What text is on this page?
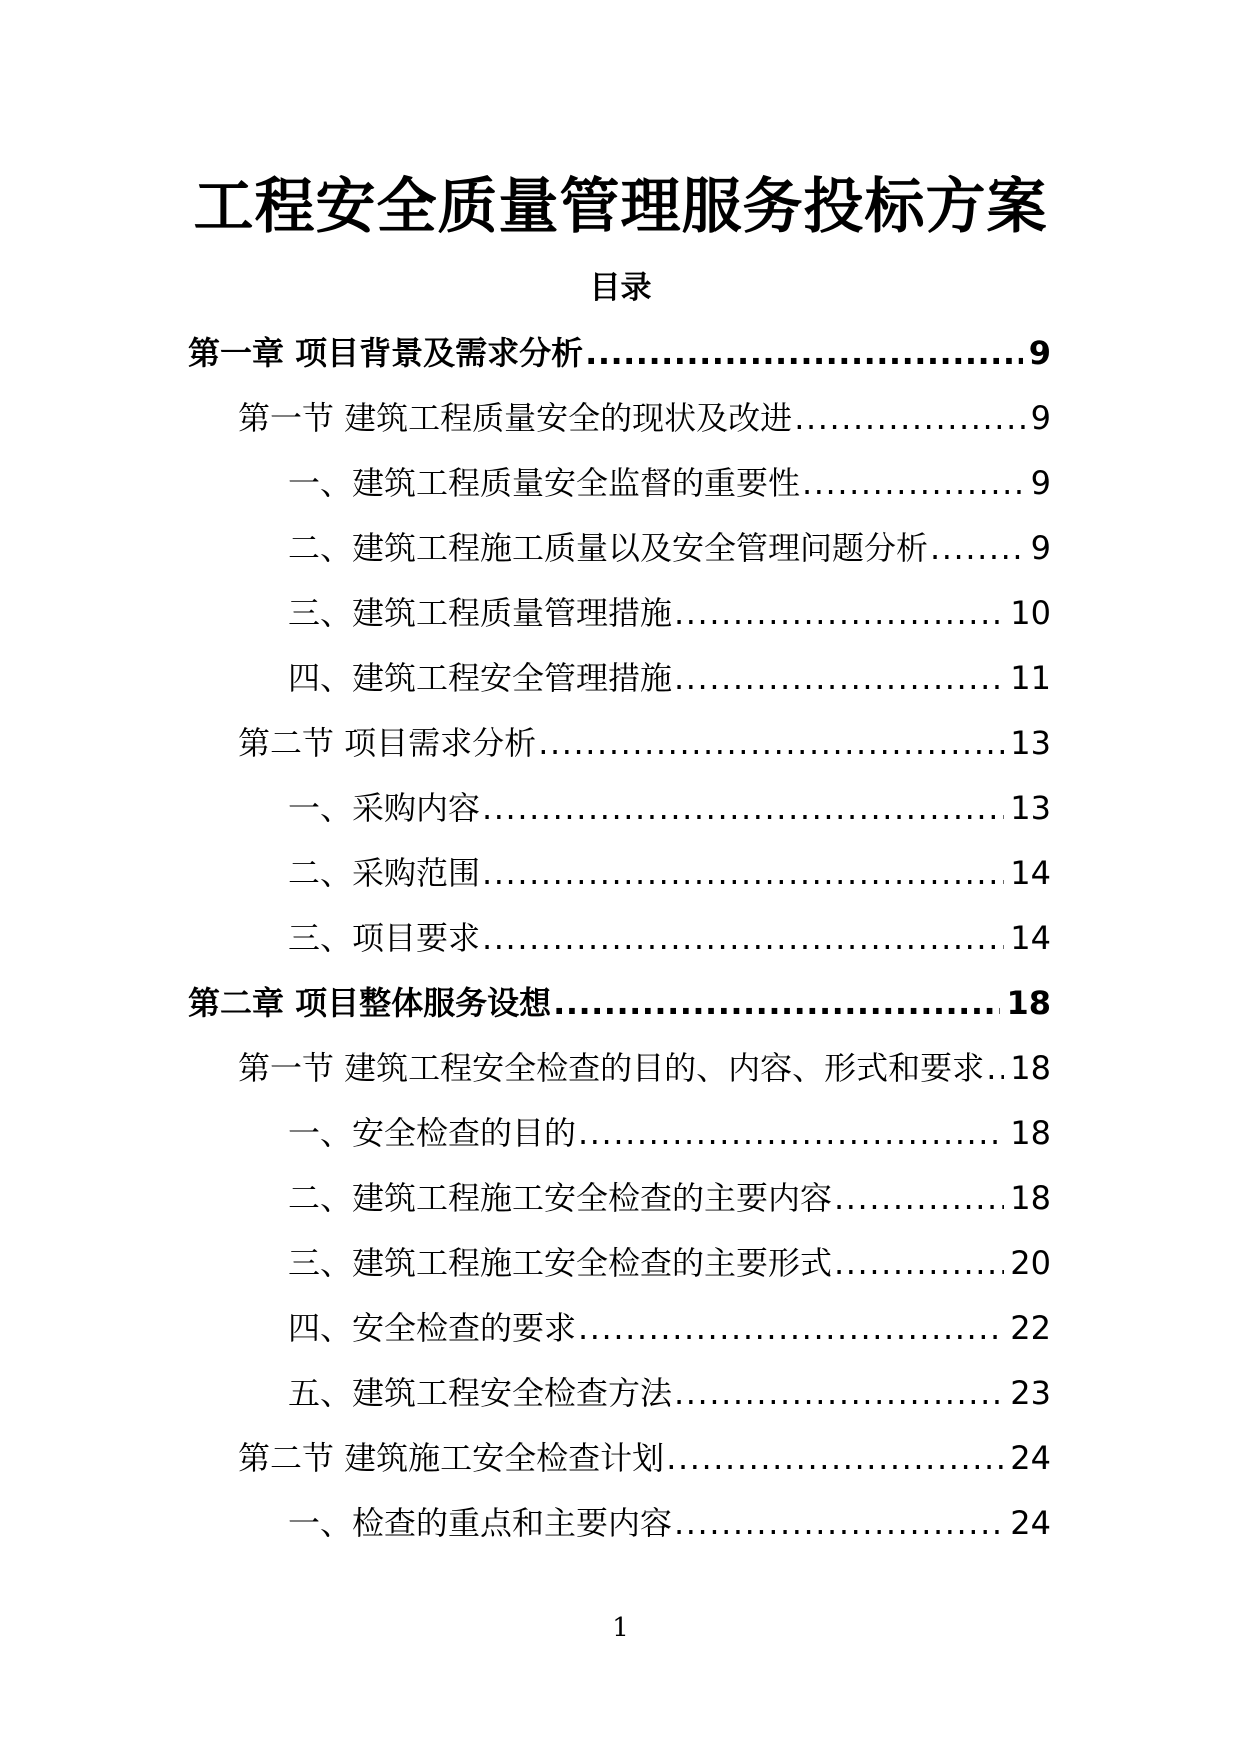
工程安全质量管理服务投标方案
目录
第一章 项目背景及需求分析 .....	9
第一节 建筑工程质量安全的现状及改进 .....	9
一、建筑工程质量安全监督的重要性 .....	9
二、建筑工程施工质量以及安全管理问题分析 .....	9
三、建筑工程质量管理措施 .....	10
四、建筑工程安全管理措施 .....	11
第二节 项目需求分析 .....	13
一、采购内容 .....	13
二、采购范围 .....	14
三、项目要求 .....	14
第二章 项目整体服务设想 .....	18
第一节 建筑工程安全检查的目的、内容、形式和要求 ..... 18
一、安全检查的目的 .....	18
二、建筑工程施工安全检查的主要内容 .....	18
三、建筑工程施工安全检查的主要形式 .....	20
四、安全检查的要求 .....	22
五、建筑工程安全检查方法 .....	23
第二节 建筑施工安全检查计划 .....	24
一、检查的重点和主要内容 .....	24
1
